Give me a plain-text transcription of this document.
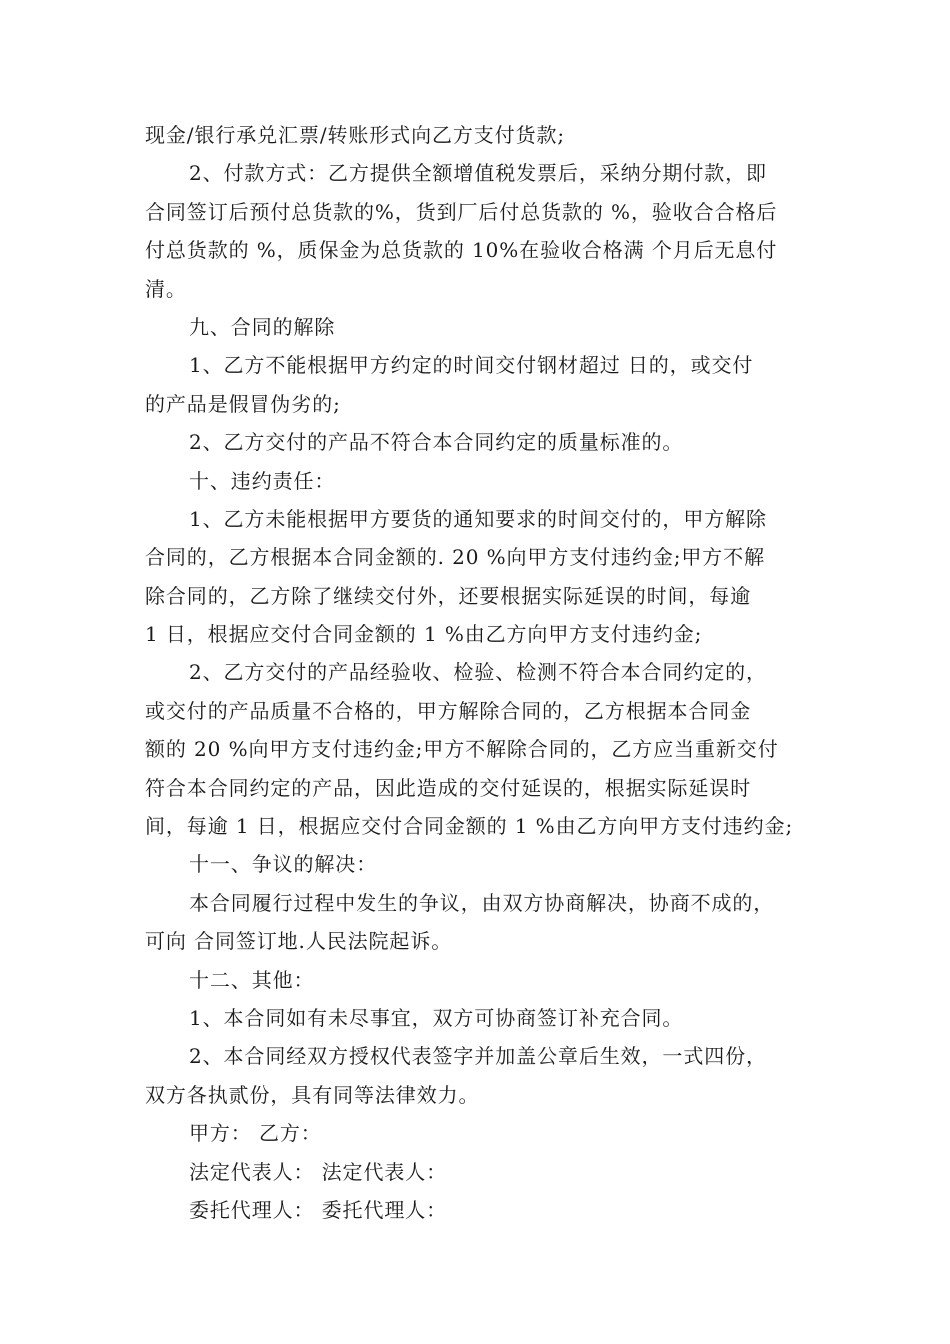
现金/银行承兑汇票/转账形式向乙方支付货款;
2、付款方式：乙方提供全额增值税发票后，采纳分期付款，即
合同签订后预付总货款的%，货到厂后付总货款的 %，验收合合格后
付总货款的 %，质保金为总货款的 10%在验收合格满 个月后无息付
清。
九、合同的解除
1、乙方不能根据甲方约定的时间交付钢材超过 日的，或交付
的产品是假冒伪劣的;
2、乙方交付的产品不符合本合同约定的质量标准的。
十、违约责任：
1、乙方未能根据甲方要货的通知要求的时间交付的，甲方解除
合同的，乙方根据本合同金额的. 20 %向甲方支付违约金;甲方不解
除合同的，乙方除了继续交付外，还要根据实际延误的时间，每逾
1 日，根据应交付合同金额的 1 %由乙方向甲方支付违约金;
2、乙方交付的产品经验收、检验、检测不符合本合同约定的，
或交付的产品质量不合格的，甲方解除合同的，乙方根据本合同金
额的 20 %向甲方支付违约金;甲方不解除合同的，乙方应当重新交付
符合本合同约定的产品，因此造成的交付延误的，根据实际延误时
间，每逾 1 日，根据应交付合同金额的 1 %由乙方向甲方支付违约金;
十一、争议的解决：
本合同履行过程中发生的争议，由双方协商解决，协商不成的，
可向 合同签订地.人民法院起诉。
十二、其他：
1、本合同如有未尽事宜，双方可协商签订补充合同。
2、本合同经双方授权代表签字并加盖公章后生效，一式四份，
双方各执贰份，具有同等法律效力。
甲方： 乙方：
法定代表人： 法定代表人：
委托代理人： 委托代理人：
